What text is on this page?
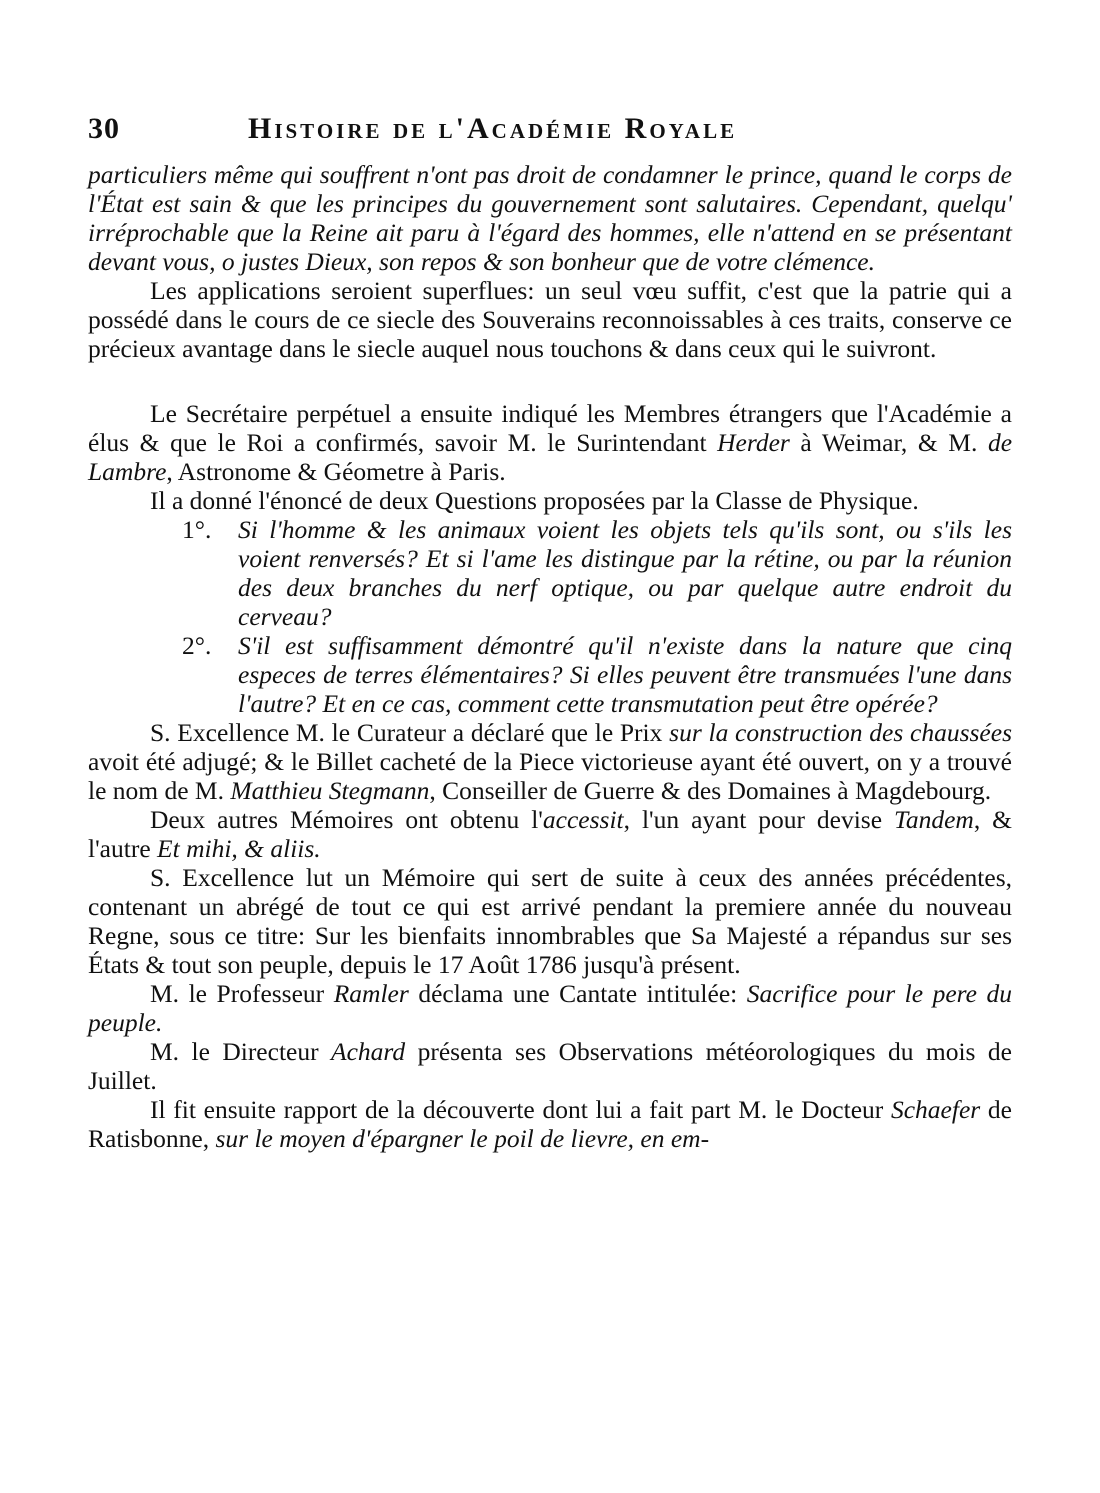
30	Histoire de l'Académie Royale

particuliers même qui souffrent n'ont pas droit de condamner le prince, quand le corps de l'État est sain & que les principes du gouvernement sont salutaires. Cependant, quelqu' irréprochable que la Reine ait paru à l'égard des hommes, elle n'attend en se présentant devant vous, o justes Dieux, son repos & son bonheur que de votre clémence.

Les applications seroient superflues: un seul vœu suffit, c'est que la patrie qui a possédé dans le cours de ce siecle des Souverains reconnoissables à ces traits, conserve ce précieux avantage dans le siecle auquel nous touchons & dans ceux qui le suivront.

Le Secrétaire perpétuel a ensuite indiqué les Membres étrangers que l'Académie a élus & que le Roi a confirmés, savoir M. le Surintendant Herder à Weimar, & M. de Lambre, Astronome & Géometre à Paris.

Il a donné l'énoncé de deux Questions proposées par la Classe de Physique.

1°. Si l'homme & les animaux voient les objets tels qu'ils sont, ou s'ils les voient renversés? Et si l'ame les distingue par la rétine, ou par la réunion des deux branches du nerf optique, ou par quelque autre endroit du cerveau?
2°. S'il est suffisamment démontré qu'il n'existe dans la nature que cinq especes de terres élémentaires? Si elles peuvent être transmuées l'une dans l'autre? Et en ce cas, comment cette transmutation peut être opérée?

S. Excellence M. le Curateur a déclaré que le Prix sur la construction des chaussées avoit été adjugé; & le Billet cacheté de la Piece victorieuse ayant été ouvert, on y a trouvé le nom de M. Matthieu Stegmann, Conseiller de Guerre & des Domaines à Magdebourg.

Deux autres Mémoires ont obtenu l'accessit, l'un ayant pour devise Tandem, & l'autre Et mihi, & aliis.

S. Excellence lut un Mémoire qui sert de suite à ceux des années précédentes, contenant un abrégé de tout ce qui est arrivé pendant la premiere année du nouveau Regne, sous ce titre: Sur les bienfaits innombrables que Sa Majesté a répandus sur ses États & tout son peuple, depuis le 17 Août 1786 jusqu'à présent.

M. le Professeur Ramler déclama une Cantate intitulée: Sacrifice pour le pere du peuple.

M. le Directeur Achard présenta ses Observations météorologiques du mois de Juillet.

Il fit ensuite rapport de la découverte dont lui a fait part M. le Docteur Schaefer de Ratisbonne, sur le moyen d'épargner le poil de lievre, en em-
